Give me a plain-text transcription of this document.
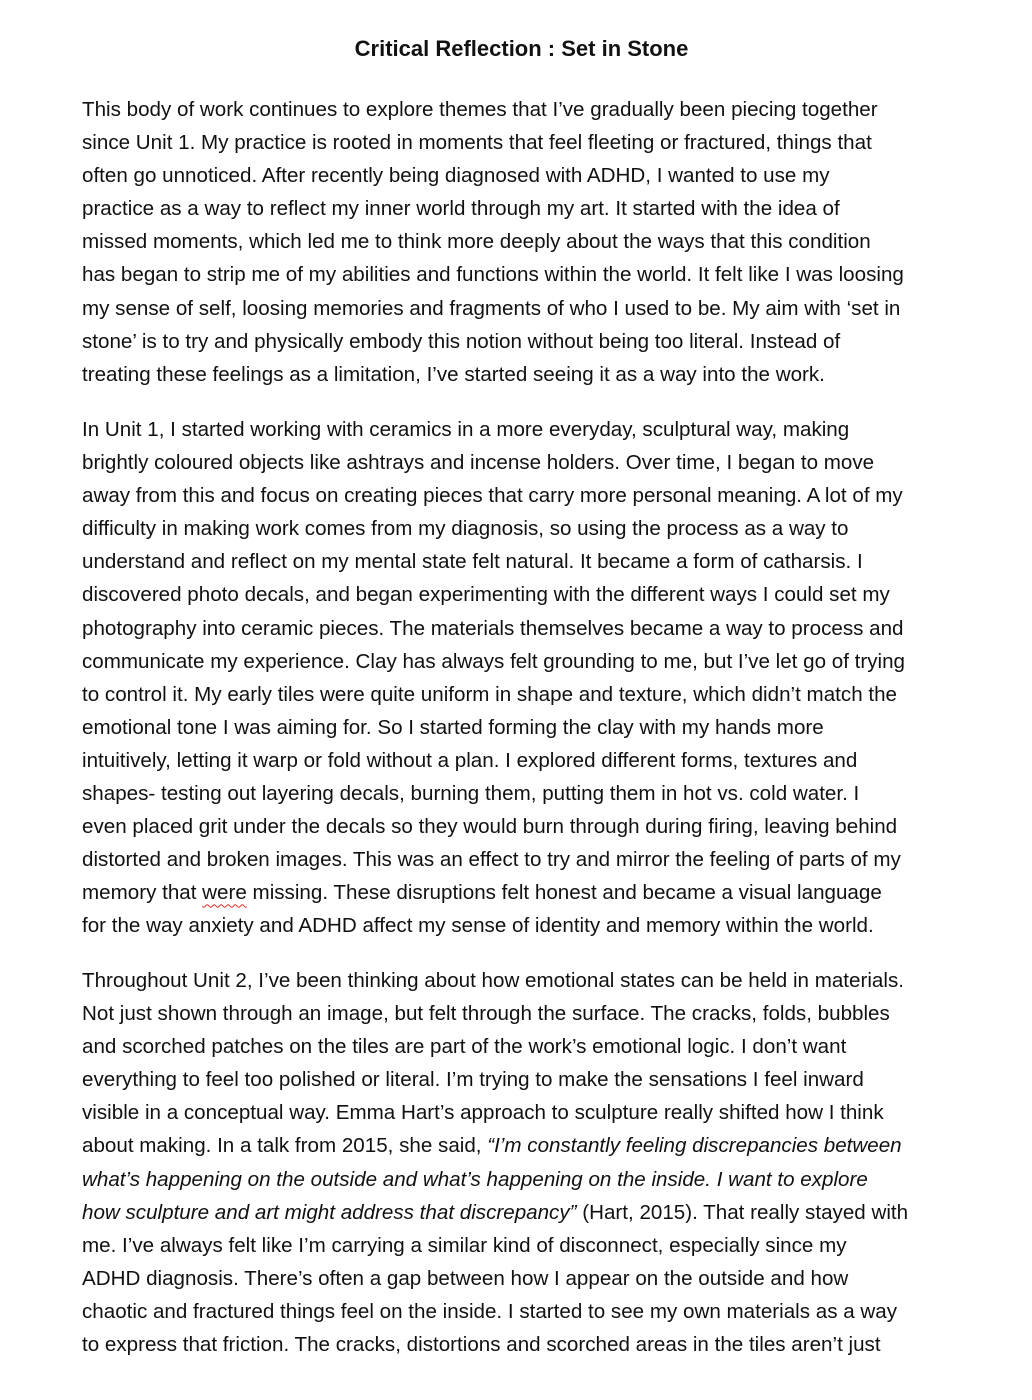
Critical Reflection : Set in Stone

This body of work continues to explore themes that I’ve gradually been piecing together
since Unit 1. My practice is rooted in moments that feel fleeting or fractured, things that
often go unnoticed. After recently being diagnosed with ADHD, I wanted to use my
practice as a way to reflect my inner world through my art. It started with the idea of
missed moments, which led me to think more deeply about the ways that this condition
has began to strip me of my abilities and functions within the world. It felt like I was loosing
my sense of self, loosing memories and fragments of who I used to be. My aim with ‘set in
stone’ is to try and physically embody this notion without being too literal. Instead of
treating these feelings as a limitation, I’ve started seeing it as a way into the work.

In Unit 1, I started working with ceramics in a more everyday, sculptural way, making
brightly coloured objects like ashtrays and incense holders. Over time, I began to move
away from this and focus on creating pieces that carry more personal meaning. A lot of my
difficulty in making work comes from my diagnosis, so using the process as a way to
understand and reflect on my mental state felt natural. It became a form of catharsis. I
discovered photo decals, and began experimenting with the different ways I could set my
photography into ceramic pieces. The materials themselves became a way to process and
communicate my experience. Clay has always felt grounding to me, but I’ve let go of trying
to control it. My early tiles were quite uniform in shape and texture, which didn’t match the
emotional tone I was aiming for. So I started forming the clay with my hands more
intuitively, letting it warp or fold without a plan. I explored different forms, textures and
shapes- testing out layering decals, burning them, putting them in hot vs. cold water. I
even placed grit under the decals so they would burn through during firing, leaving behind
distorted and broken images. This was an effect to try and mirror the feeling of parts of my
memory that were missing. These disruptions felt honest and became a visual language
for the way anxiety and ADHD affect my sense of identity and memory within the world.

Throughout Unit 2, I’ve been thinking about how emotional states can be held in materials.
Not just shown through an image, but felt through the surface. The cracks, folds, bubbles
and scorched patches on the tiles are part of the work’s emotional logic. I don’t want
everything to feel too polished or literal. I’m trying to make the sensations I feel inward
visible in a conceptual way. Emma Hart’s approach to sculpture really shifted how I think
about making. In a talk from 2015, she said, “I’m constantly feeling discrepancies between
what’s happening on the outside and what’s happening on the inside. I want to explore
how sculpture and art might address that discrepancy” (Hart, 2015). That really stayed with
me. I’ve always felt like I’m carrying a similar kind of disconnect, especially since my
ADHD diagnosis. There’s often a gap between how I appear on the outside and how
chaotic and fractured things feel on the inside. I started to see my own materials as a way
to express that friction. The cracks, distortions and scorched areas in the tiles aren’t just
